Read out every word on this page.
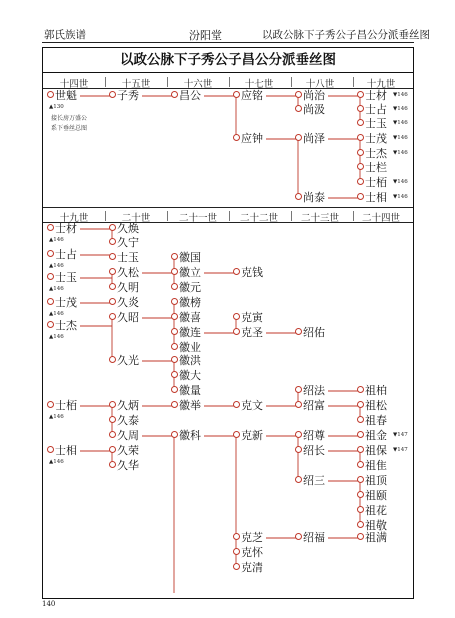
郭氏族谱	汾阳堂	以政公脉下子秀公子昌公分派垂丝图
以政公脉下子秀公子昌公分派垂丝图
十四世	十五世	十六世	十七世	十八世	十九世
世魁
▲130
接长房万盛公
系下垂丝总图
子秀	昌公	应铭
应钟
尚治
尚汲
尚泽
尚泰
士材 ▼146
士占 ▼146
士玉 ▼146
士茂 ▼146
士杰 ▼146
士栏
士栢 ▼146
士相 ▼146
十九世	二十世	二十一世 二十二世 二十三世 二十四世
士材
▲146
士占
▲146
士玉
▲146
士茂
▲146
士杰
▲146
士栢
▲146
士相
▲146
久焕
久宁
士玉
久松
久明
久炎
久昭
久光
久炳
久泰
久周
久荣
久华
徽国
徽立
徽元
徽榜
徽喜
徽连
徽业
徽洪
徽大
徽量
徽举
徽科
克钱
克寅
克圣
克文
克新
克芝
克怀
克清
绍佑
绍法
绍富
绍尊
绍长
绍三
绍福
祖柏
祖松
祖春
祖金 ▼147
祖保 ▼147
祖隹
祖顶
祖颐
祖花
祖敬
祖满
140
